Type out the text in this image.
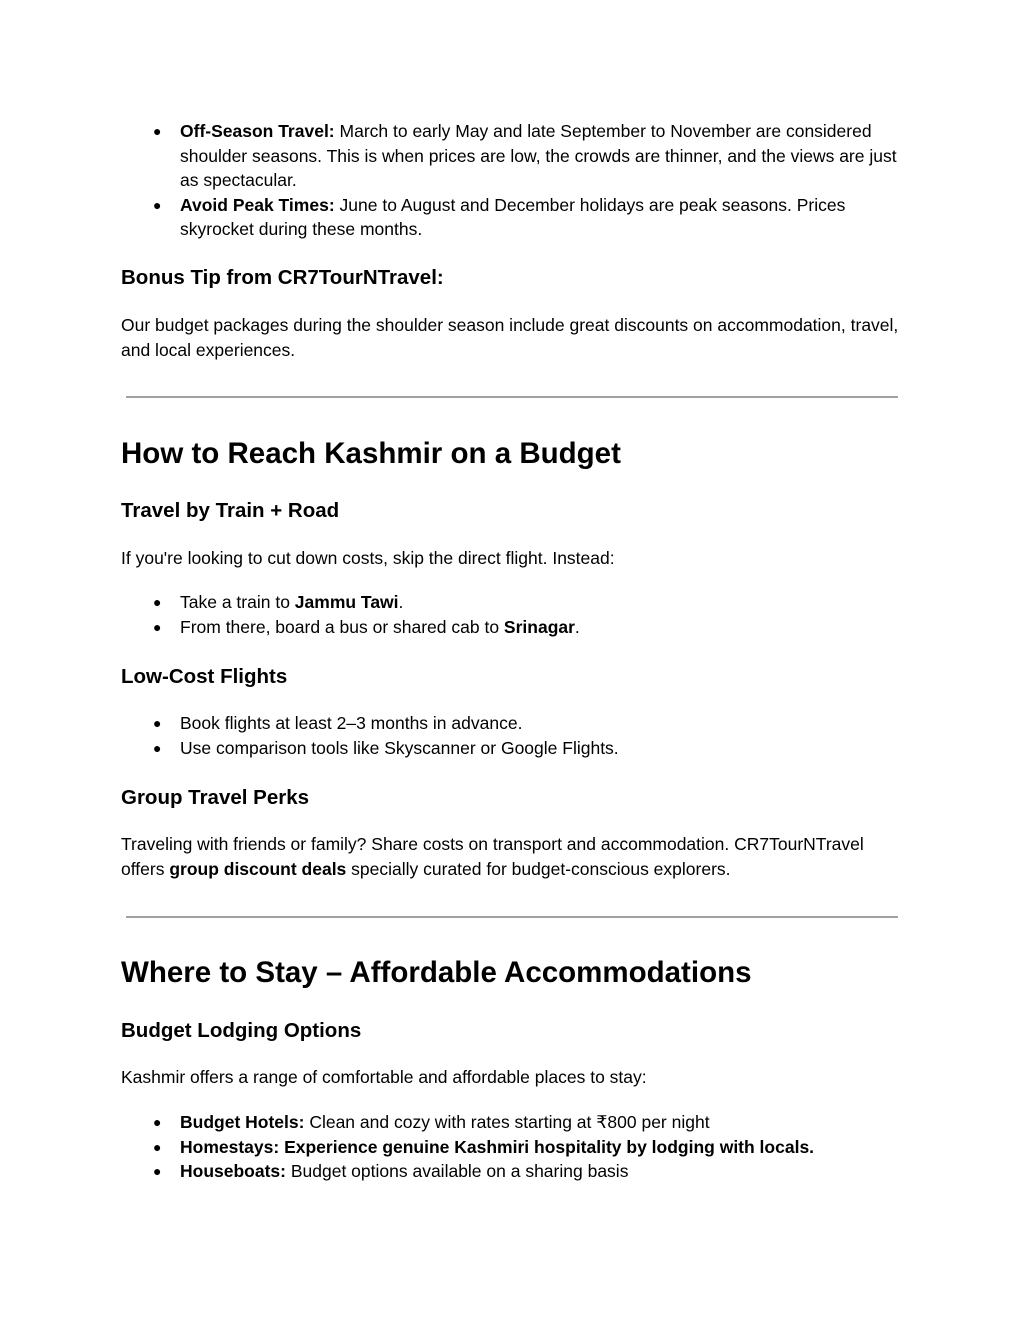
● Off-Season Travel: March to early May and late September to November are considered shoulder seasons. This is when prices are low, the crowds are thinner, and the views are just as spectacular.
● Avoid Peak Times: June to August and December holidays are peak seasons. Prices skyrocket during these months.
Bonus Tip from CR7TourNTravel:

Our budget packages during the shoulder season include great discounts on accommodation, travel, and local experiences.

How to Reach Kashmir on a Budget
Travel by Train + Road

If you're looking to cut down costs, skip the direct flight. Instead:

● Take a train to Jammu Tawi.
● From there, board a bus or shared cab to Srinagar.
Low-Cost Flights
● Book flights at least 2–3 months in advance.
● Use comparison tools like Skyscanner or Google Flights.
Group Travel Perks

Traveling with friends or family? Share costs on transport and accommodation. CR7TourNTravel offers group discount deals specially curated for budget-conscious explorers.

Where to Stay – Affordable Accommodations
Budget Lodging Options

Kashmir offers a range of comfortable and affordable places to stay:

● Budget Hotels: Clean and cozy with rates starting at ₹800 per night
● Homestays: Experience genuine Kashmiri hospitality by lodging with locals.
● Houseboats: Budget options available on a sharing basis
